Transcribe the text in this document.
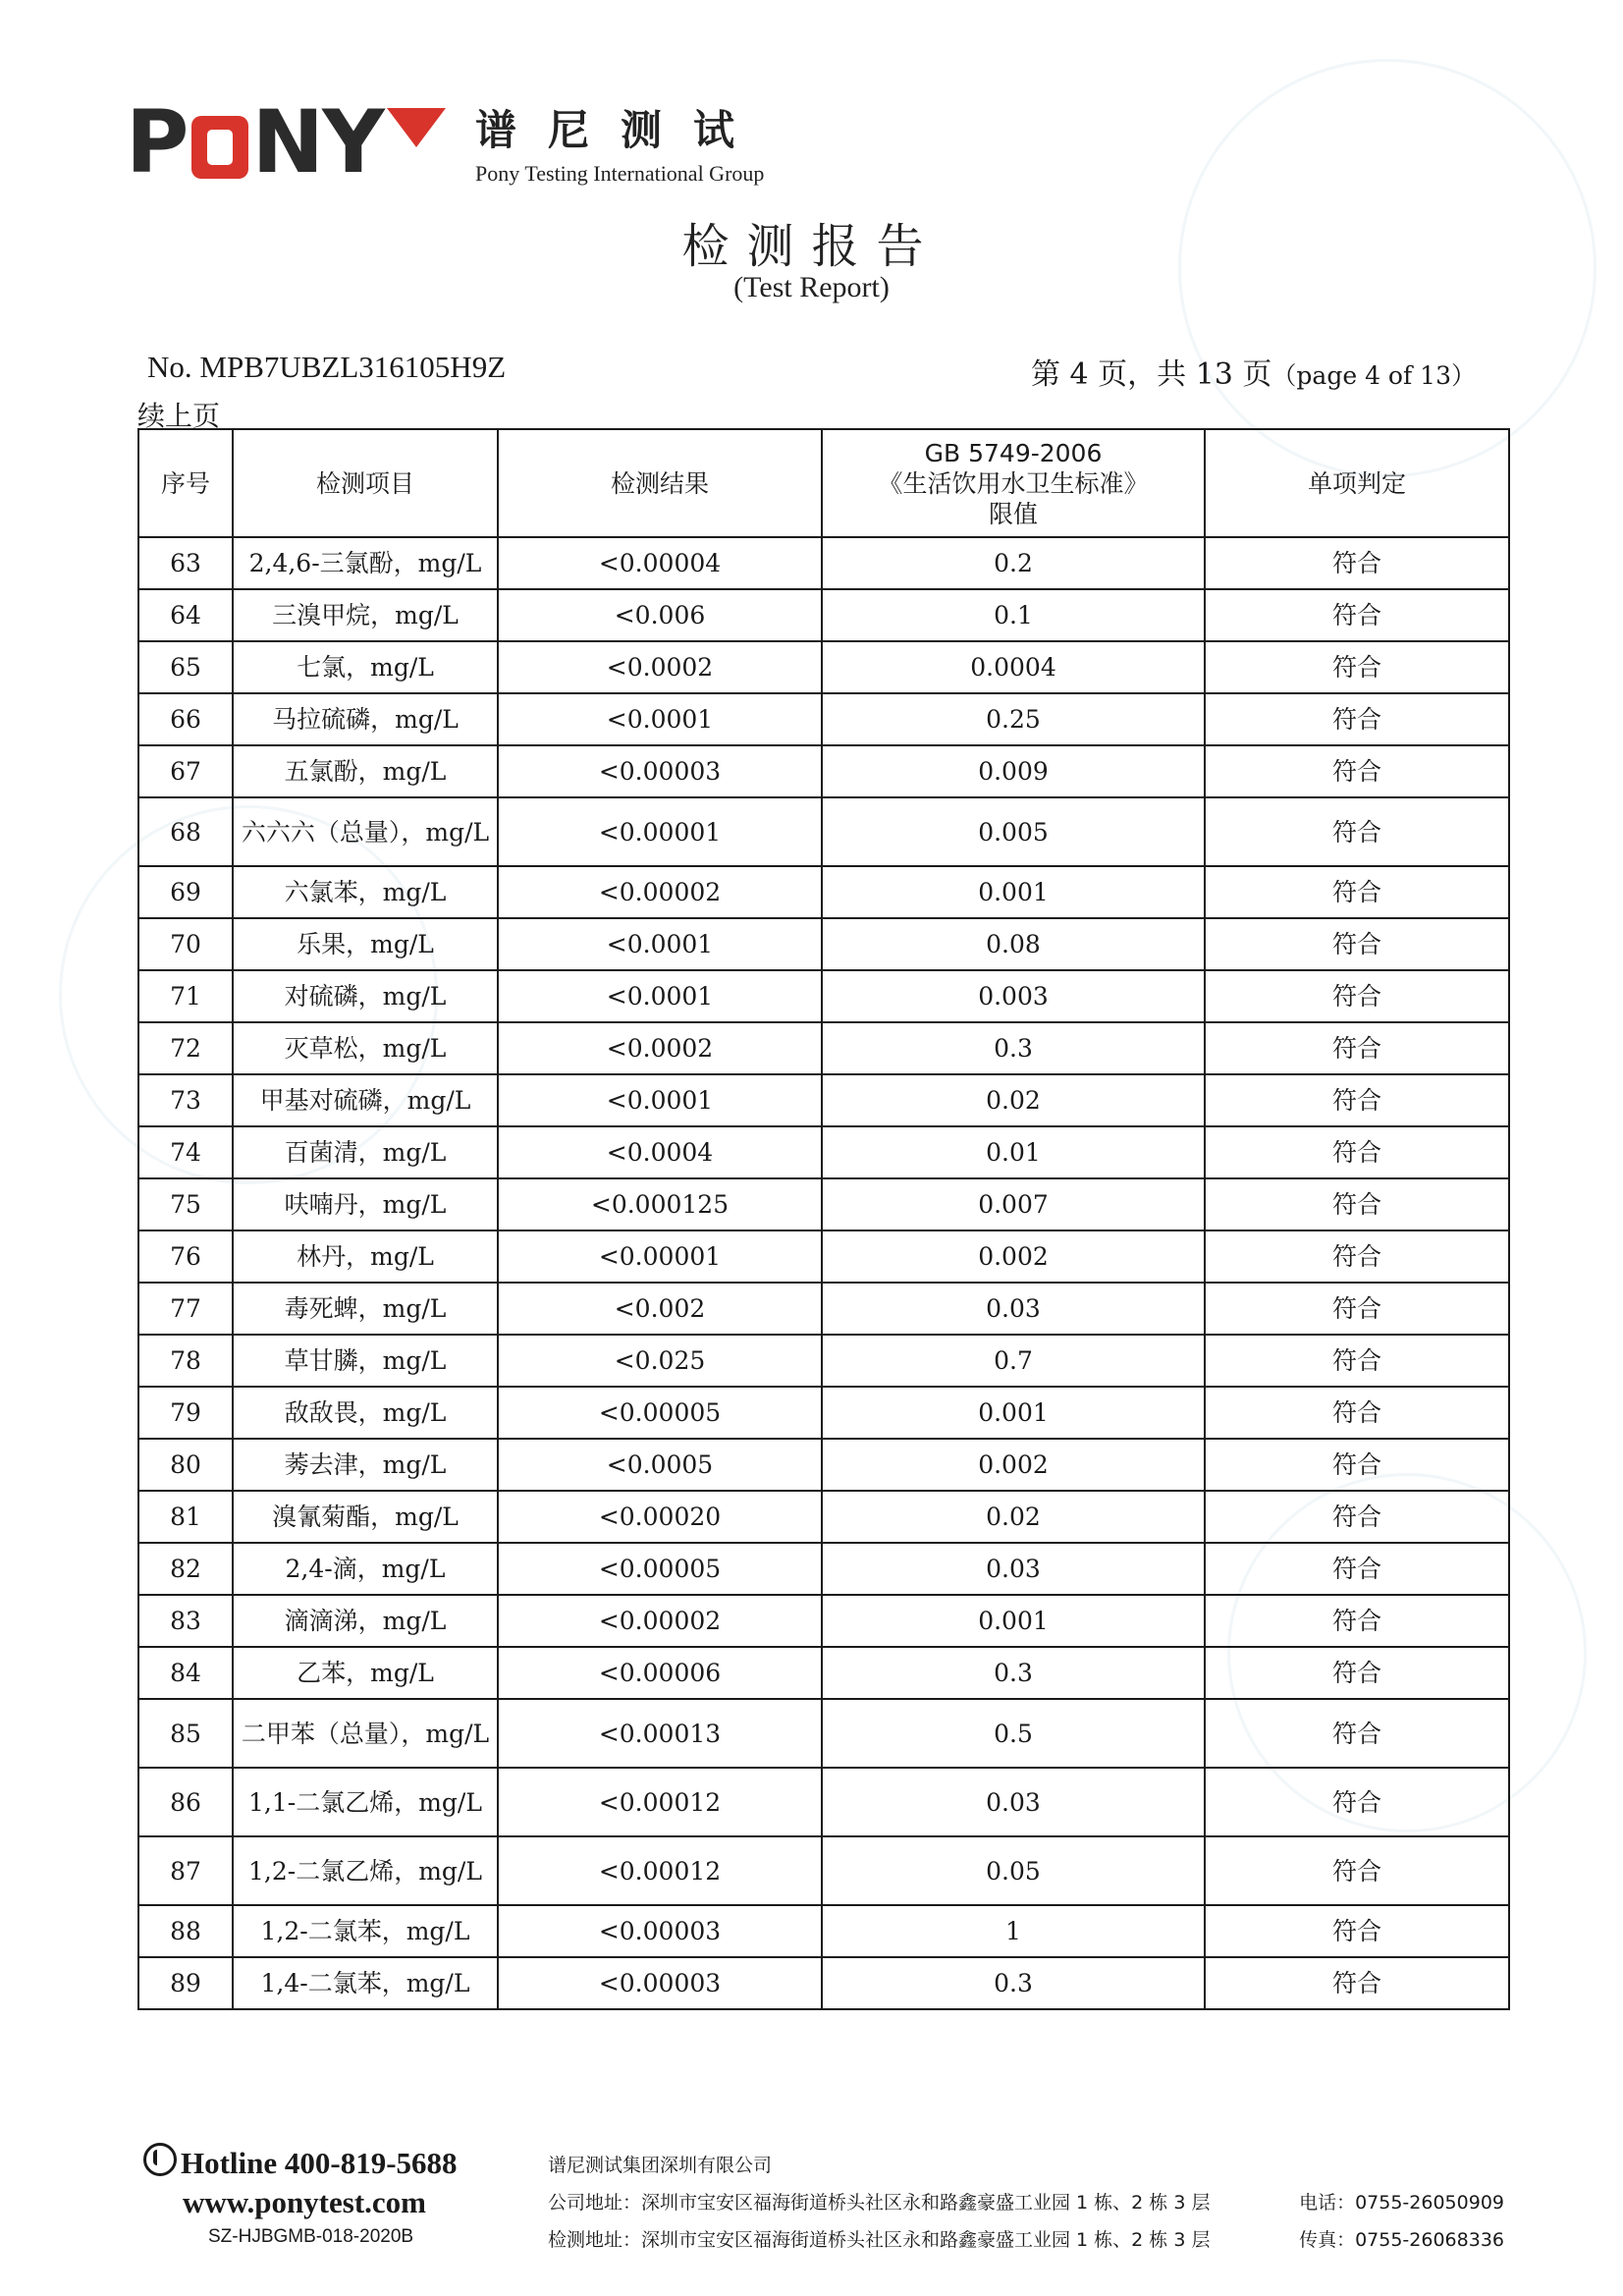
P NY 谱尼测试
Pony Testing International Group
检测报告
(Test Report)
No. MPB7UBZL316105H9Z	第 4 页，共 13 页（page 4 of 13）
续上页
序号	检测项目	检测结果	GB 5749-2006
《生活饮用水卫生标准》
限值	单项判定
63	2,4,6-三氯酚，mg/L	<0.00004	0.2	符合
64	三溴甲烷，mg/L	<0.006	0.1	符合
65	七氯，mg/L	<0.0002	0.0004	符合
66	马拉硫磷，mg/L	<0.0001	0.25	符合
67	五氯酚，mg/L	<0.00003	0.009	符合
68	六六六（总量），mg/L	<0.00001	0.005	符合
69	六氯苯，mg/L	<0.00002	0.001	符合
70	乐果，mg/L	<0.0001	0.08	符合
71	对硫磷，mg/L	<0.0001	0.003	符合
72	灭草松，mg/L	<0.0002	0.3	符合
73	甲基对硫磷，mg/L	<0.0001	0.02	符合
74	百菌清，mg/L	<0.0004	0.01	符合
75	呋喃丹，mg/L	<0.000125	0.007	符合
76	林丹，mg/L	<0.00001	0.002	符合
77	毒死蜱，mg/L	<0.002	0.03	符合
78	草甘膦，mg/L	<0.025	0.7	符合
79	敌敌畏，mg/L	<0.00005	0.001	符合
80	莠去津，mg/L	<0.0005	0.002	符合
81	溴氰菊酯，mg/L	<0.00020	0.02	符合
82	2,4-滴，mg/L	<0.00005	0.03	符合
83	滴滴涕，mg/L	<0.00002	0.001	符合
84	乙苯，mg/L	<0.00006	0.3	符合
85	二甲苯（总量），mg/L	<0.00013	0.5	符合
86	1,1-二氯乙烯，mg/L	<0.00012	0.03	符合
87	1,2-二氯乙烯，mg/L	<0.00012	0.05	符合
88	1,2-二氯苯，mg/L	<0.00003	1	符合
89	1,4-二氯苯，mg/L	<0.00003	0.3	符合
Hotline 400-819-5688
www.ponytest.com
SZ-HJBGMB-018-2020B
谱尼测试集团深圳有限公司
公司地址：深圳市宝安区福海街道桥头社区永和路鑫豪盛工业园 1 栋、2 栋 3 层	电话：0755-26050909
检测地址：深圳市宝安区福海街道桥头社区永和路鑫豪盛工业园 1 栋、2 栋 3 层	传真：0755-26068336
